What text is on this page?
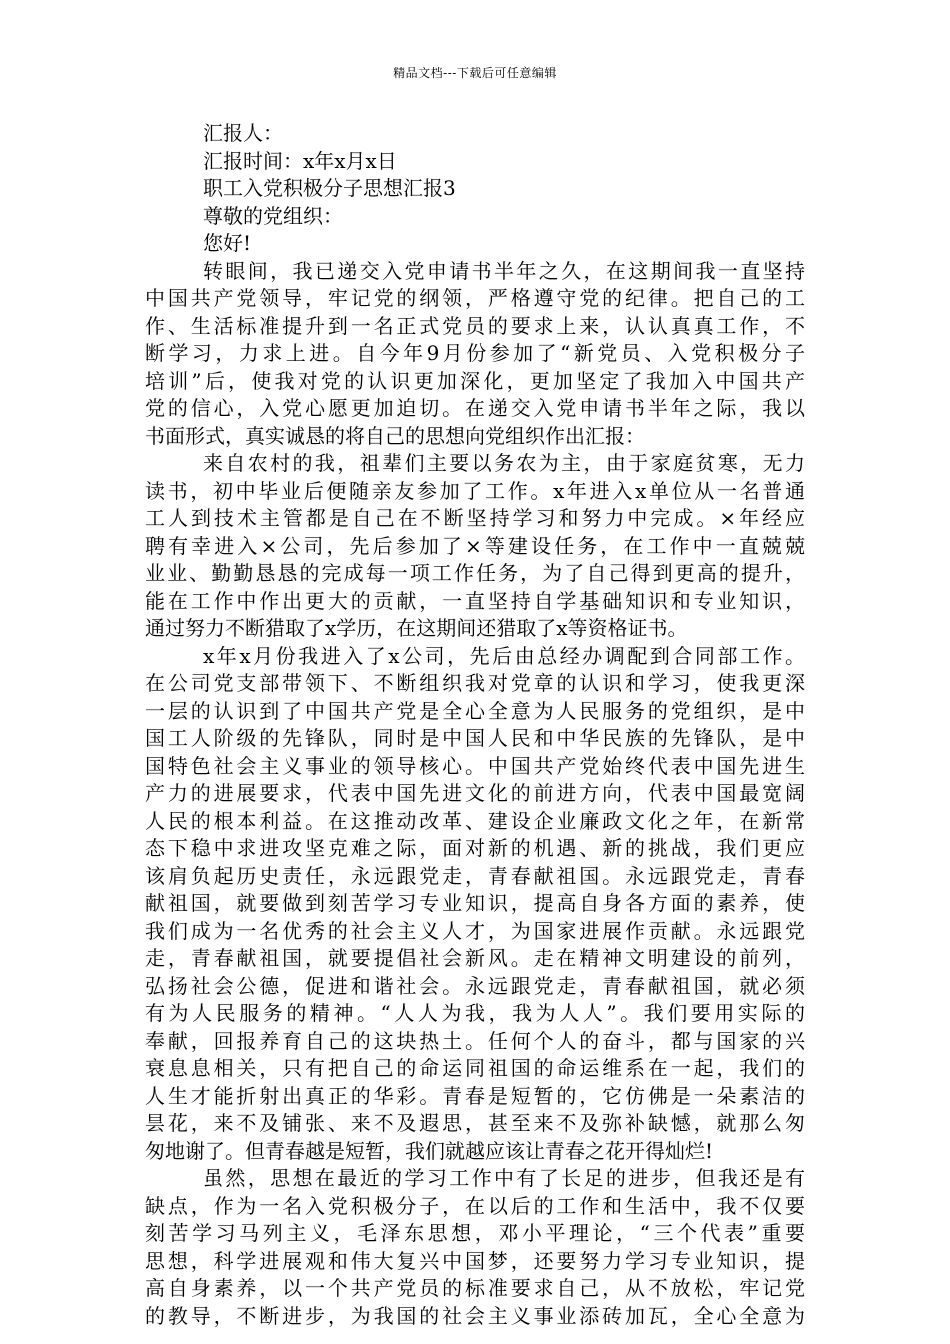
精品文档---下载后可任意编辑
汇报人：
汇报时间：x年x月x日
职工入党积极分子思想汇报3
尊敬的党组织：
您好!
转眼间，我已递交入党申请书半年之久，在这期间我一直坚持
中国共产党领导，牢记党的纲领，严格遵守党的纪律。把自己的工
作、生活标准提升到一名正式党员的要求上来，认认真真工作，不
断学习，力求上进。自今年9月份参加了“新党员、入党积极分子
培训”后，使我对党的认识更加深化，更加坚定了我加入中国共产
党的信心，入党心愿更加迫切。在递交入党申请书半年之际，我以
书面形式，真实诚恳的将自己的思想向党组织作出汇报：
来自农村的我，祖辈们主要以务农为主，由于家庭贫寒，无力
读书，初中毕业后便随亲友参加了工作。x年进入x单位从一名普通
工人到技术主管都是自己在不断坚持学习和努力中完成。×年经应
聘有幸进入×公司，先后参加了×等建设任务，在工作中一直兢兢
业业、勤勤恳恳的完成每一项工作任务，为了自己得到更高的提升，
能在工作中作出更大的贡献，一直坚持自学基础知识和专业知识，
通过努力不断猎取了x学历，在这期间还猎取了x等资格证书。
x年x月份我进入了x公司，先后由总经办调配到合同部工作。
在公司党支部带领下、不断组织我对党章的认识和学习，使我更深
一层的认识到了中国共产党是全心全意为人民服务的党组织，是中
国工人阶级的先锋队，同时是中国人民和中华民族的先锋队，是中
国特色社会主义事业的领导核心。中国共产党始终代表中国先进生
产力的进展要求，代表中国先进文化的前进方向，代表中国最宽阔
人民的根本利益。在这推动改革、建设企业廉政文化之年，在新常
态下稳中求进攻坚克难之际，面对新的机遇、新的挑战，我们更应
该肩负起历史责任，永远跟党走，青春献祖国。永远跟党走，青春
献祖国，就要做到刻苦学习专业知识，提高自身各方面的素养，使
我们成为一名优秀的社会主义人才，为国家进展作贡献。永远跟党
走，青春献祖国，就要提倡社会新风。走在精神文明建设的前列，
弘扬社会公德，促进和谐社会。永远跟党走，青春献祖国，就必须
有为人民服务的精神。“人人为我，我为人人”。我们要用实际的
奉献，回报养育自己的这块热土。任何个人的奋斗，都与国家的兴
衰息息相关，只有把自己的命运同祖国的命运维系在一起，我们的
人生才能折射出真正的华彩。青春是短暂的，它仿佛是一朵素洁的
昙花，来不及铺张、来不及遐思，甚至来不及弥补缺憾，就那么匆
匆地谢了。但青春越是短暂，我们就越应该让青春之花开得灿烂!
虽然，思想在最近的学习工作中有了长足的进步，但我还是有
缺点，作为一名入党积极分子，在以后的工作和生活中，我不仅要
刻苦学习马列主义，毛泽东思想，邓小平理论，“三个代表”重要
思想，科学进展观和伟大复兴中国梦，还要努力学习专业知识，提
高自身素养，以一个共产党员的标准要求自己，从不放松，牢记党
的教导，不断进步，为我国的社会主义事业添砖加瓦，全心全意为
